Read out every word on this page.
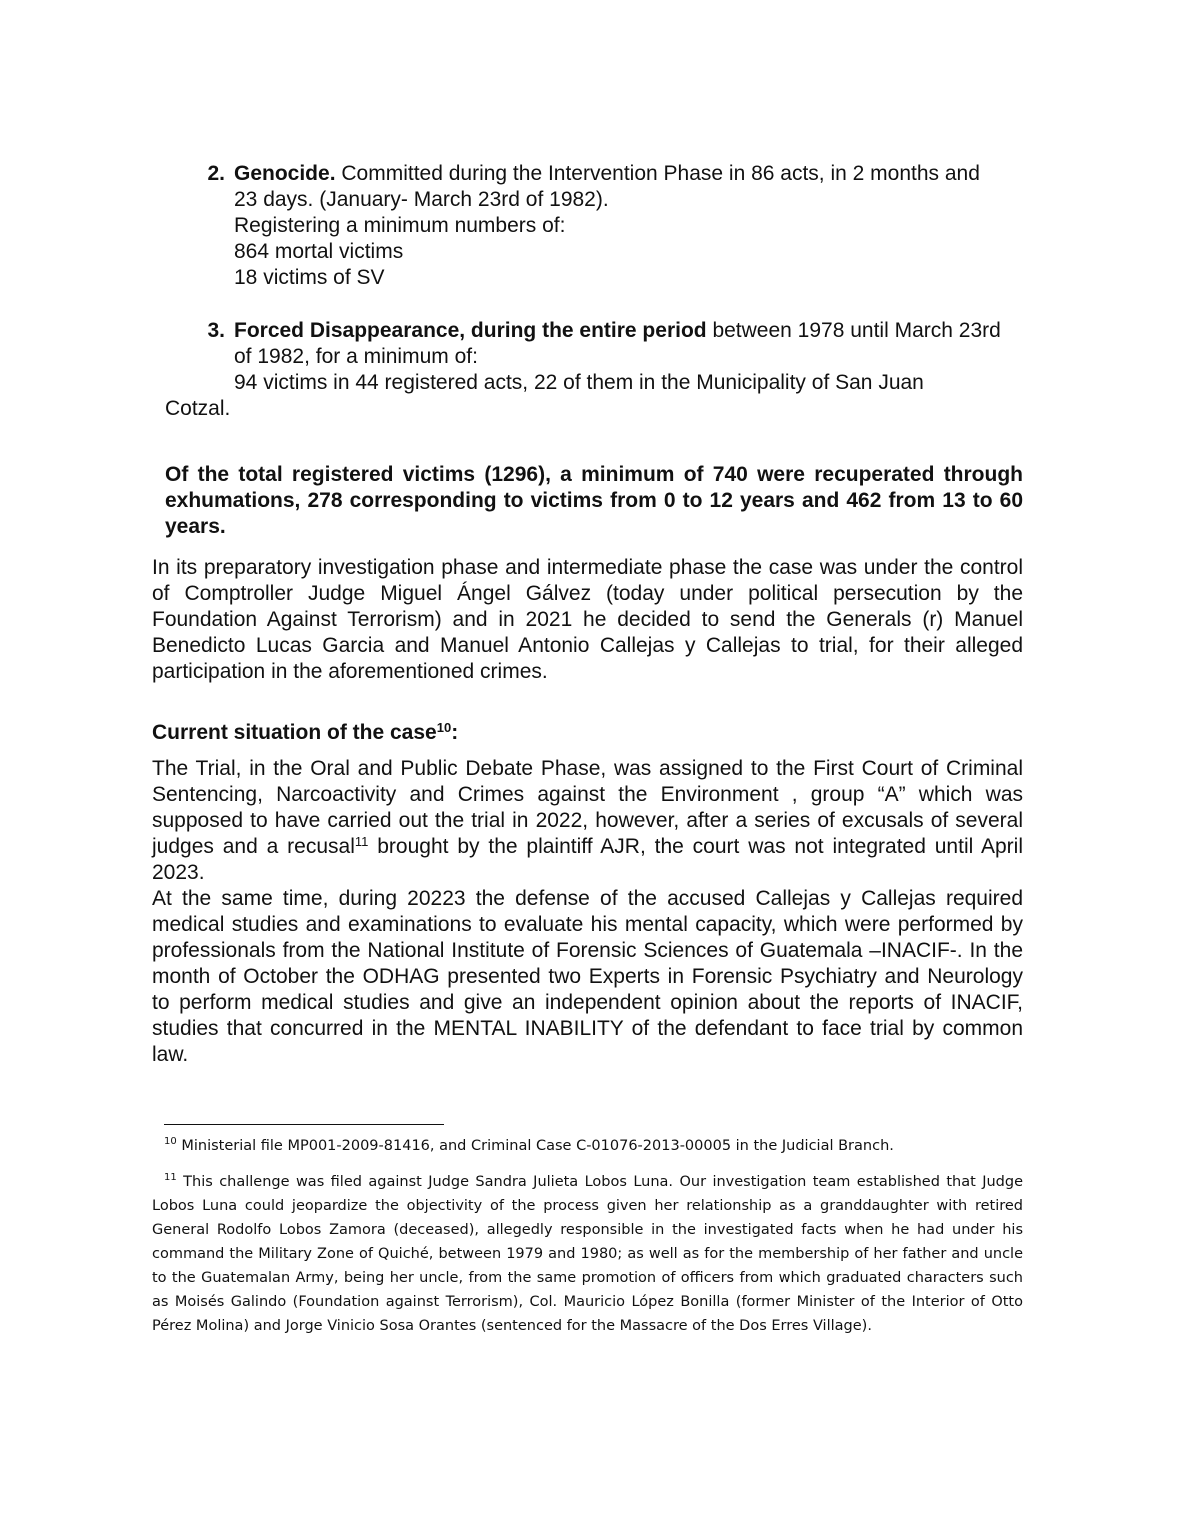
2. Genocide. Committed during the Intervention Phase in 86 acts, in 2 months and
23 days. (January- March 23rd of 1982).
Registering a minimum numbers of:
864 mortal victims
18 victims of SV
3. Forced Disappearance, during the entire period between 1978 until March 23rd
of 1982, for a minimum of:
94 victims in 44 registered acts, 22 of them in the Municipality of San Juan
Cotzal.
Of the total registered victims (1296), a minimum of 740 were recuperated through exhumations, 278 corresponding to victims from 0 to 12 years and 462 from 13 to 60 years.
In its preparatory investigation phase and intermediate phase the case was under the control of Comptroller Judge Miguel Ángel Gálvez (today under political persecution by the Foundation Against Terrorism) and in 2021 he decided to send the Generals (r) Manuel Benedicto Lucas Garcia and Manuel Antonio Callejas y Callejas to trial, for their alleged participation in the aforementioned crimes.
Current situation of the case$^{10}$:
The Trial, in the Oral and Public Debate Phase, was assigned to the First Court of Criminal Sentencing, Narcoactivity and Crimes against the Environment , group “A” which was supposed to have carried out the trial in 2022, however, after a series of excusals of several judges and a recusal$^{11}$ brought by the plaintiff AJR, the court was not integrated until April 2023.
At the same time, during 20223 the defense of the accused Callejas y Callejas required medical studies and examinations to evaluate his mental capacity, which were performed by professionals from the National Institute of Forensic Sciences of Guatemala –INACIF-. In the month of October the ODHAG presented two Experts in Forensic Psychiatry and Neurology to perform medical studies and give an independent opinion about the reports of INACIF, studies that concurred in the MENTAL INABILITY of the defendant to face trial by common law.
$^{10}$ Ministerial file MP001-2009-81416, and Criminal Case C-01076-2013-00005 in the Judicial Branch.
$^{11}$ This challenge was filed against Judge Sandra Julieta Lobos Luna. Our investigation team established that Judge Lobos Luna could jeopardize the objectivity of the process given her relationship as a granddaughter with retired General Rodolfo Lobos Zamora (deceased), allegedly responsible in the investigated facts when he had under his command the Military Zone of Quiché, between 1979 and 1980; as well as for the membership of her father and uncle to the Guatemalan Army, being her uncle, from the same promotion of officers from which graduated characters such as Moisés Galindo (Foundation against Terrorism), Col. Mauricio López Bonilla (former Minister of the Interior of Otto Pérez Molina) and Jorge Vinicio Sosa Orantes (sentenced for the Massacre of the Dos Erres Village).
